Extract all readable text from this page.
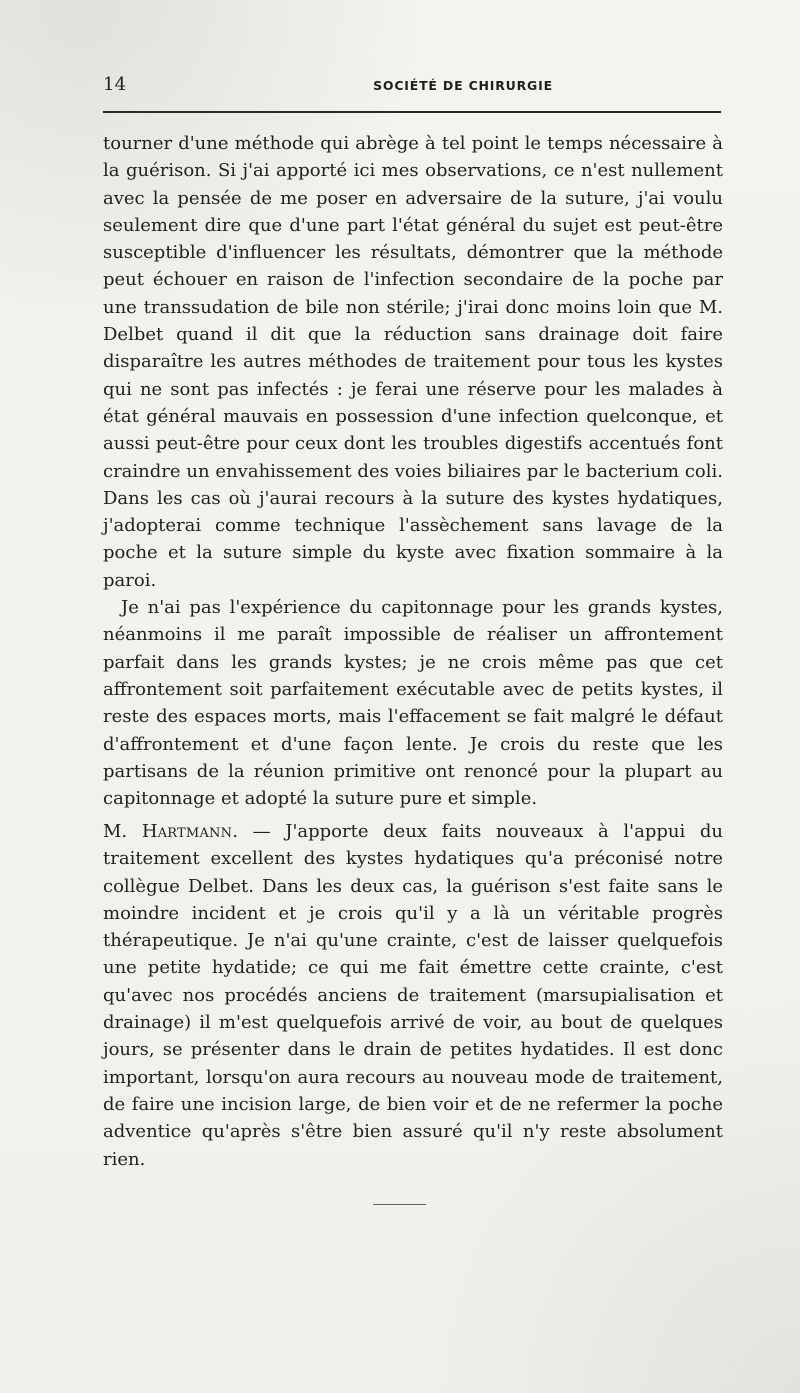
14	SOCIÉTÉ DE CHIRURGIE

tourner d'une méthode qui abrège à tel point le temps nécessaire à la guérison. Si j'ai apporté ici mes observations, ce n'est nullement avec la pensée de me poser en adversaire de la suture, j'ai voulu seulement dire que d'une part l'état général du sujet est peut-être susceptible d'influencer les résultats, démontrer que la méthode peut échouer en raison de l'infection secondaire de la poche par une transsudation de bile non stérile; j'irai donc moins loin que M. Delbet quand il dit que la réduction sans drainage doit faire disparaître les autres méthodes de traitement pour tous les kystes qui ne sont pas infectés : je ferai une réserve pour les malades à état général mauvais en possession d'une infection quelconque, et aussi peut-être pour ceux dont les troubles digestifs accentués font craindre un envahissement des voies biliaires par le bacterium coli. Dans les cas où j'aurai recours à la suture des kystes hydatiques, j'adopterai comme technique l'assèchement sans lavage de la poche et la suture simple du kyste avec fixation sommaire à la paroi.

Je n'ai pas l'expérience du capitonnage pour les grands kystes, néanmoins il me paraît impossible de réaliser un affrontement parfait dans les grands kystes; je ne crois même pas que cet affrontement soit parfaitement exécutable avec de petits kystes, il reste des espaces morts, mais l'effacement se fait malgré le défaut d'affrontement et d'une façon lente. Je crois du reste que les partisans de la réunion primitive ont renoncé pour la plupart au capitonnage et adopté la suture pure et simple.

M. Hartmann. — J'apporte deux faits nouveaux à l'appui du traitement excellent des kystes hydatiques qu'a préconisé notre collègue Delbet. Dans les deux cas, la guérison s'est faite sans le moindre incident et je crois qu'il y a là un véritable progrès thérapeutique. Je n'ai qu'une crainte, c'est de laisser quelquefois une petite hydatide; ce qui me fait émettre cette crainte, c'est qu'avec nos procédés anciens de traitement (marsupialisation et drainage) il m'est quelquefois arrivé de voir, au bout de quelques jours, se présenter dans le drain de petites hydatides. Il est donc important, lorsqu'on aura recours au nouveau mode de traitement, de faire une incision large, de bien voir et de ne refermer la poche adventice qu'après s'être bien assuré qu'il n'y reste absolument rien.
